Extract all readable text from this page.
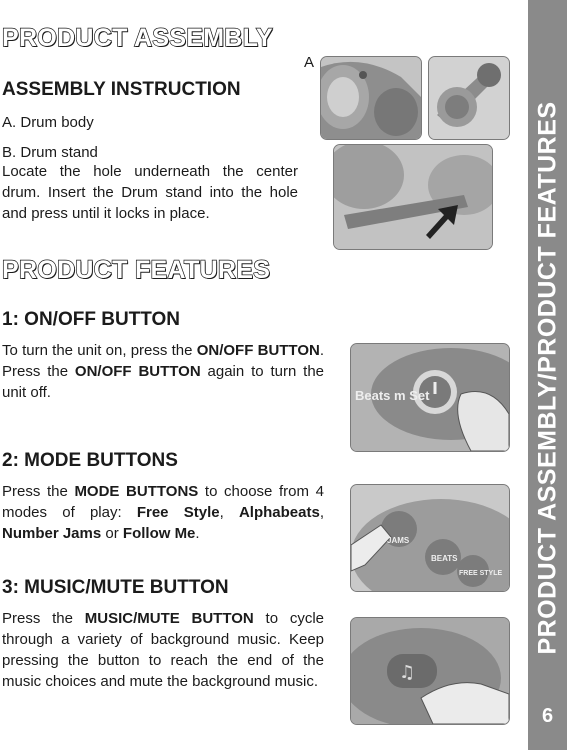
PRODUCT ASSEMBLY/PRODUCT FEATURES
6
PRODUCT ASSEMBLY
ASSEMBLY INSTRUCTION
A. Drum body
B. Drum stand

Locate the hole underneath the center drum. Insert the Drum stand into the hole and press until it locks in place.

A
PRODUCT FEATURES
1: ON/OFF BUTTON

To turn the unit on, press the ON/OFF BUTTON. Press the ON/OFF BUTTON again to turn the unit off.	Beats m Set
2: MODE BUTTONS

Press the MODE BUTTONS to choose from 4 modes of play: Free Style, Alphabeats, Number Jams or Follow Me.	JAMS
BEATS
FREE STYLE
3: MUSIC/MUTE BUTTON

Press the MUSIC/MUTE BUTTON to cycle through a variety of background music. Keep pressing the button to reach the end of the music choices and mute the background music.	♫
